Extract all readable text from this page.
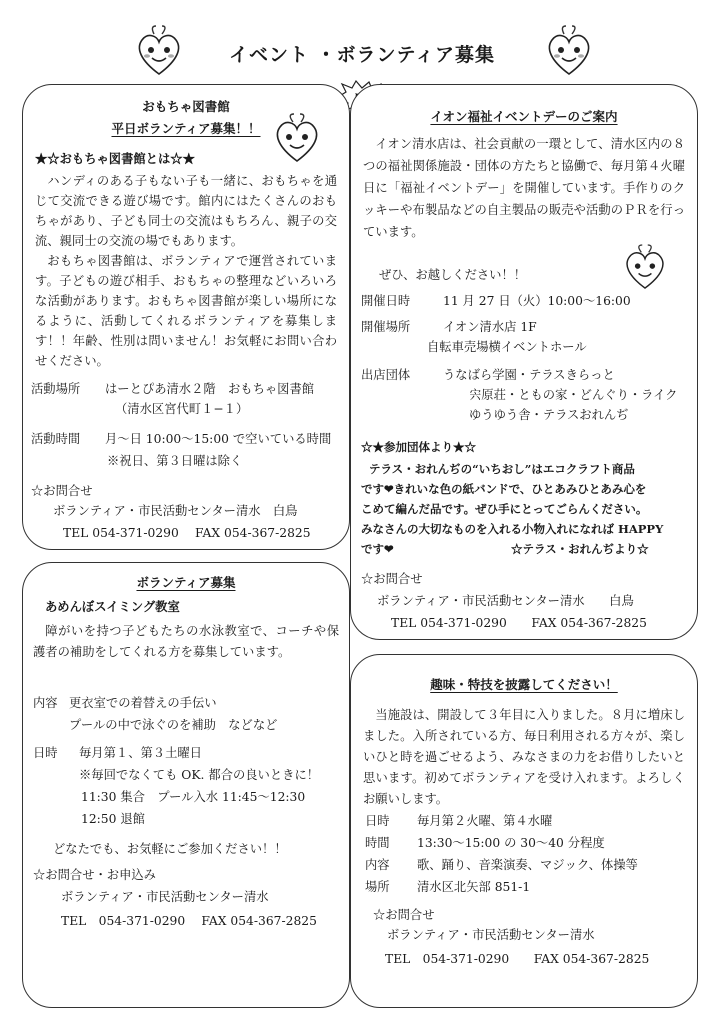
イベント ・ボランティア募集
おもちゃ図書館
平日ボランティア募集！！
★☆おもちゃ図書館とは☆★
ハンディのある子もない子も一緒に、おもちゃを通じて交流できる遊び場です。館内にはたくさんのおもちゃがあり、子ども同士の交流はもちろん、親子の交流、親同士の交流の場でもあります。
おもちゃ図書館は、ボランティアで運営されています。子どもの遊び相手、おもちゃの整理などいろいろな活動があります。おもちゃ図書館が楽しい場所になるように、活動してくれるボランティアを募集します！！年齢、性別は問いません！お気軽にお問い合わせください。
活動場所 はーとぴあ清水２階　おもちゃ図書館
（清水区宮代町１−１）
活動時間 月〜日 10:00〜15:00 で空いている時間
※祝日、第３日曜は除く
☆お問合せ
ボランティア・市民活動センター清水　白鳥
TEL 054-371-0290　 FAX 054-367-2825
ボランティア募集
あめんぼスイミング教室
障がいを持つ子どもたちの水泳教室で、コーチや保護者の補助をしてくれる方を募集しています。
内容 更衣室での着替えの手伝い
プールの中で泳ぐのを補助　などなど
日時 毎月第１、第３土曜日
※毎回でなくても OK. 都合の良いときに！
11:30 集合　プール入水 11:45〜12:30
12:50 退館
どなたでも、お気軽にご参加ください！！
☆お問合せ・お申込み
ボランティア・市民活動センター清水
TEL　054-371-0290　 FAX 054-367-2825
イオン福祉イベントデーのご案内
イオン清水店は、社会貢献の一環として、清水区内の８つの福祉関係施設・団体の方たちと協働で、毎月第４火曜日に「福祉イベントデー」を開催しています。手作りのクッキーや布製品などの自主製品の販売や活動のＰＲを行っています。
ぜひ、お越しください！！
開催日時	11 月 27 日（火）10:00〜16:00
開催場所	イオン清水店 1F
自転車売場横イベントホール
出店団体	うなばら学園・テラスきらっと
宍原荘・ともの家・どんぐり・ライク
ゆうゆう舎・テラスおれんぢ
☆★参加団体より★☆
テラス・おれんぢの“いちおし”はエコクラフト商品
です❤きれいな色の紙バンドで、ひとあみひとあみ心を
こめて編んだ品です。ぜひ手にとってごらんください。
みなさんの大切なものを入れる小物入れになれば HAPPY
です❤	☆テラス・おれんぢより☆
☆お問合せ
ボランティア・市民活動センター清水　　白鳥
TEL 054-371-0290　　FAX 054-367-2825
趣味・特技を披露してください！
当施設は、開設して３年目に入りました。８月に増床しました。入所されている方、毎日利用される方々が、楽しいひと時を過ごせるよう、みなさまの力をお借りしたいと思います。初めてボランティアを受け入れます。よろしくお願いします。
日時 毎月第２火曜、第４水曜
時間 13:30〜15:00 の 30〜40 分程度
内容 歌、踊り、音楽演奏、マジック、体操等
場所 清水区北矢部 851-1
☆お問合せ
ボランティア・市民活動センター清水
TEL　054-371-0290　　FAX 054-367-2825
